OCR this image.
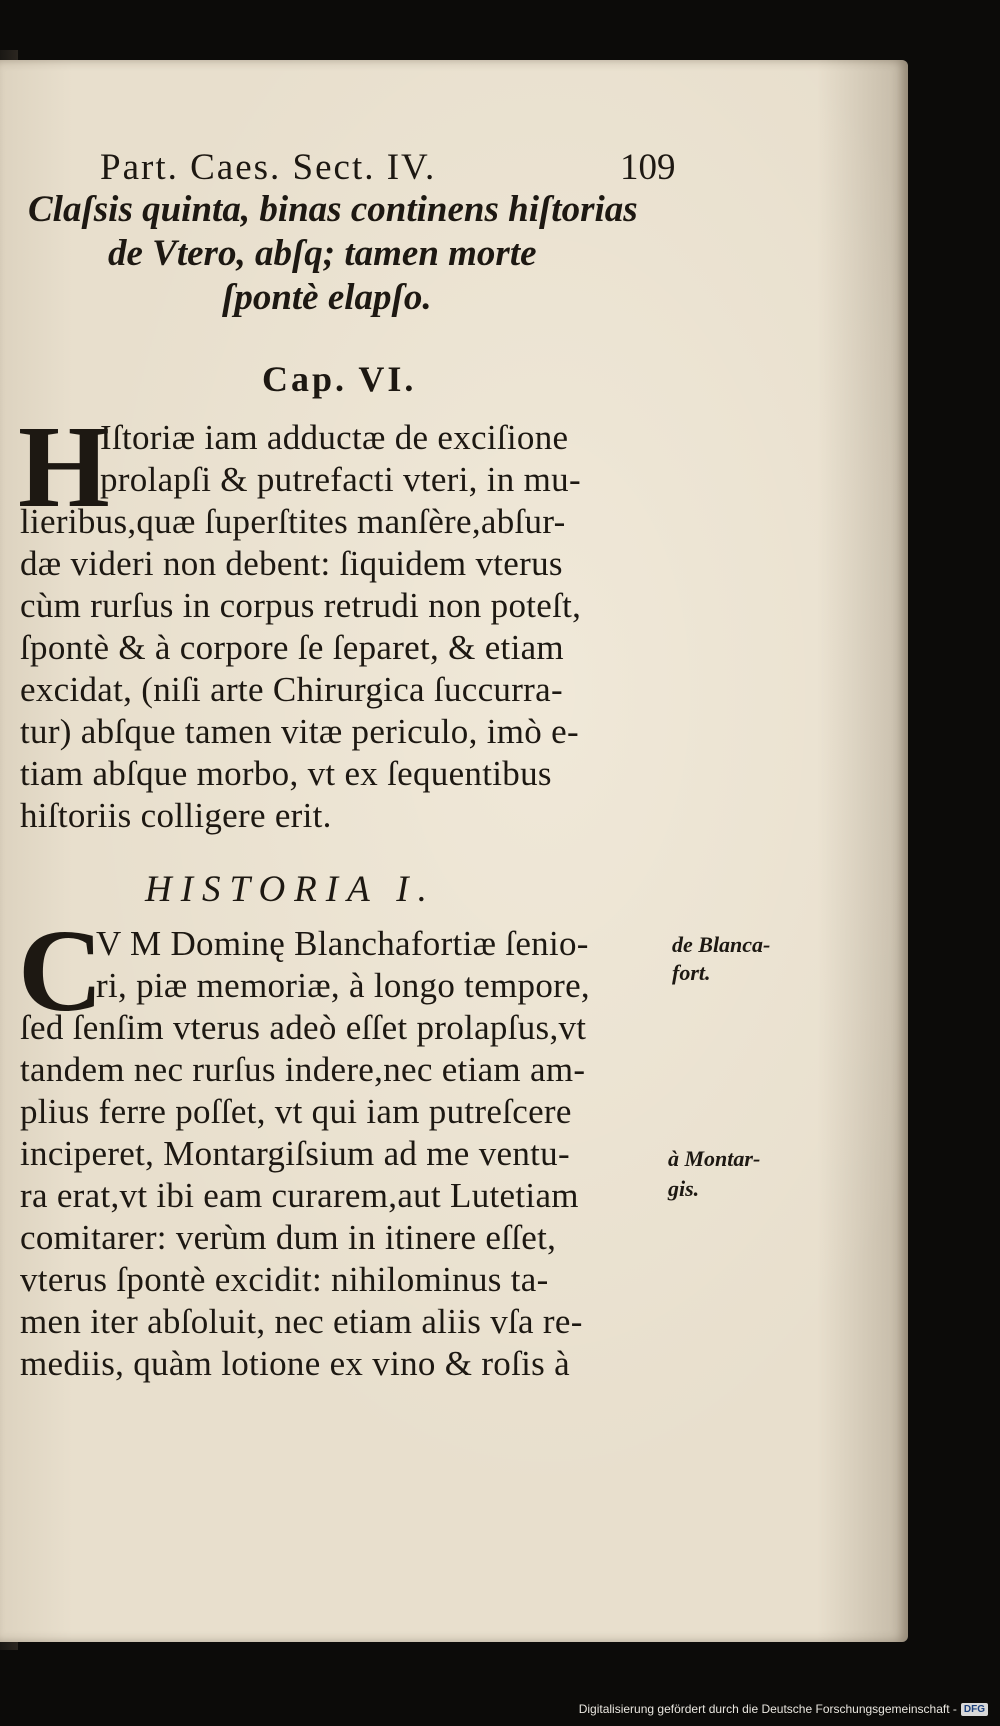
Part. Caes. Sect. IV.	109
Claſsis quinta, binas continens hiſtorias
de Vtero, abſq; tamen morte
ſpontè elapſo.
Cap. VI.
H
Iſtoriæ iam adductæ de exciſione
prolapſi & putrefacti vteri, in mu-
lieribus,quæ ſuperſtites manſère,abſur-
dæ videri non debent: ſiquidem vterus
cùm rurſus in corpus retrudi non poteſt,
ſpontè & à corpore ſe ſeparet, & etiam
excidat, (niſi arte Chirurgica ſuccurra-
tur) abſque tamen vitæ periculo, imò e-
tiam abſque morbo, vt ex ſequentibus
hiſtoriis colligere erit.
HISTORIA I.
C
V M Dominę Blanchafortiæ ſenio-
ri, piæ memoriæ, à longo tempore,
ſed ſenſim vterus adeò eſſet prolapſus,vt
tandem nec rurſus indere,nec etiam am-
plius ferre poſſet, vt qui iam putreſcere
inciperet, Montargiſsium ad me ventu-
ra erat,vt ibi eam curarem,aut Lutetiam
comitarer: verùm dum in itinere eſſet,
vterus ſpontè excidit: nihilominus ta-
men iter abſoluit, nec etiam aliis vſa re-
mediis, quàm lotione ex vino & roſis à
de Blanca-
fort.
à Montar-
gis.
Digitalisierung gefördert durch die Deutsche Forschungsgemeinschaft - DFG
